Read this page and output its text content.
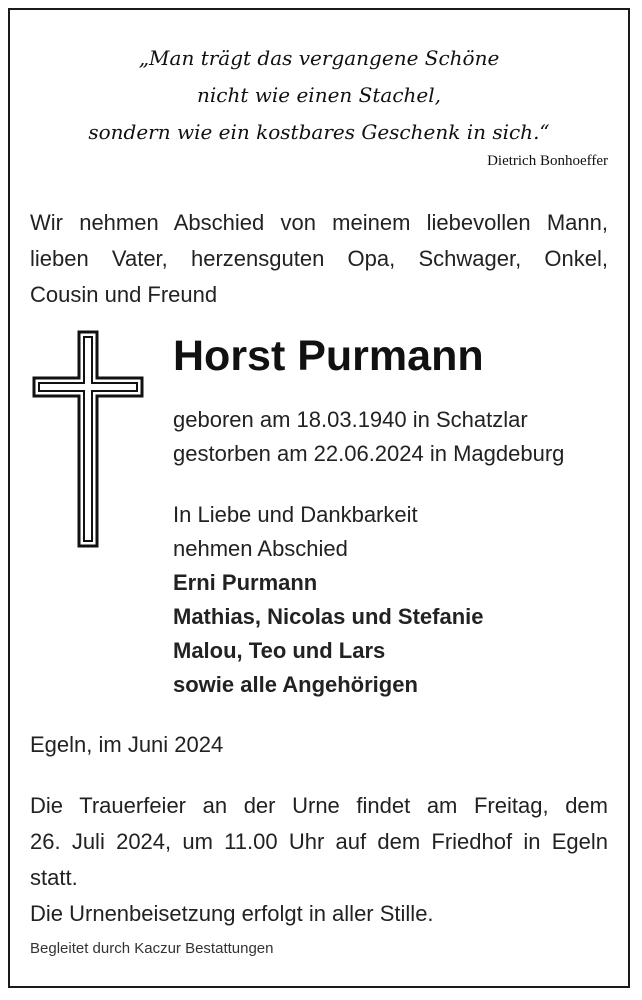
„Man trägt das vergangene Schöne
nicht wie einen Stachel,
sondern wie ein kostbares Geschenk in sich.“
Dietrich Bonhoeffer
Wir nehmen Abschied von meinem liebevollen Mann,
lieben Vater, herzensguten Opa, Schwager, Onkel,
Cousin und Freund
Horst Purmann
geboren am 18.03.1940 in Schatzlar
gestorben am 22.06.2024 in Magdeburg
In Liebe und Dankbarkeit
nehmen Abschied
Erni Purmann
Mathias, Nicolas und Stefanie
Malou, Teo und Lars
sowie alle Angehörigen
Egeln, im Juni 2024
Die Trauerfeier an der Urne findet am Freitag, dem
26. Juli 2024, um 11.00 Uhr auf dem Friedhof in Egeln
statt.
Die Urnenbeisetzung erfolgt in aller Stille.
Begleitet durch Kaczur Bestattungen
